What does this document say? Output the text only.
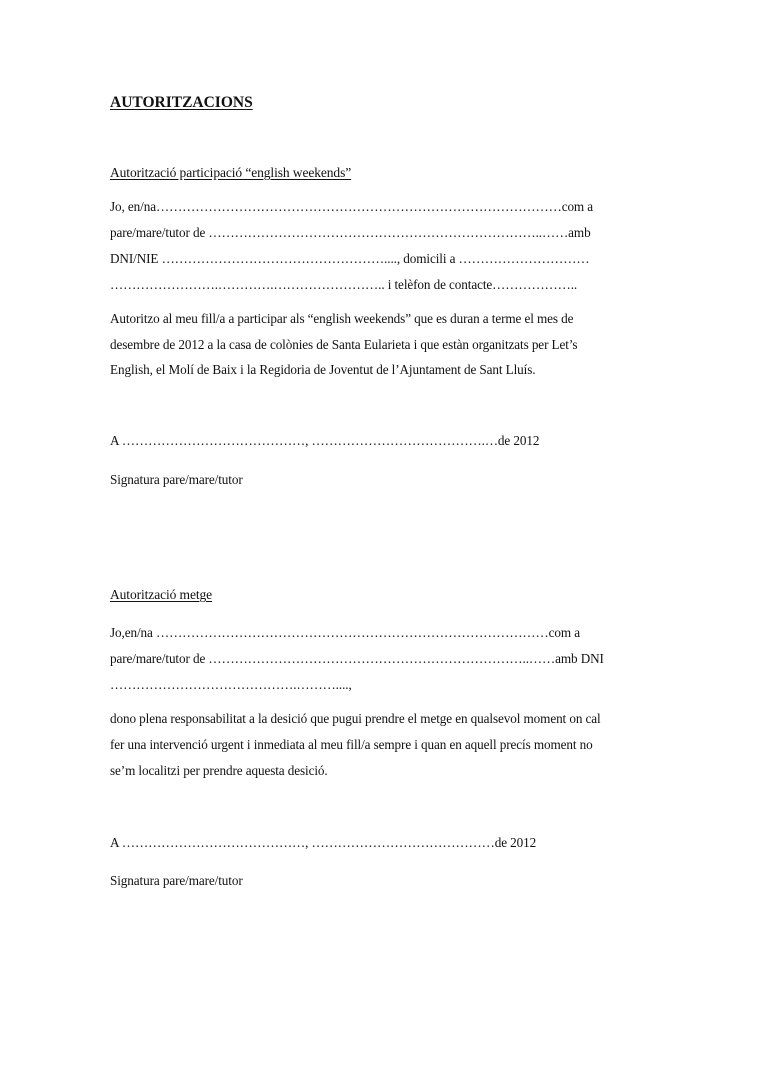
AUTORITZACIONS
Autorització participació “english weekends”
Jo, en/na…………………………………………………………………………………com a
pare/mare/tutor de …………………………………………………………………..……amb
DNI/NIE ……………………………………………...., domicili a …………………………
…………………….………….…………………….. i telèfon de contacte………………..
Autoritzo al meu fill/a a participar als “english weekends” que es duran a terme el mes de
desembre de 2012 a la casa de colònies de Santa Eularieta i que estàn organitzats per Let’s
English, el Molí de Baix i la Regidoria de Joventut de l’Ajuntament de Sant Lluís.
A ……………………………………, ………………………………….…de 2012
Signatura pare/mare/tutor
Autorització metge
Jo,en/na ………………………………………………………………………………com a
pare/mare/tutor de ………………………………………………………………..……amb DNI
…………………………………….………....,
dono plena responsabilitat a la desició que pugui prendre el metge en qualsevol moment on cal
fer una intervenció urgent i inmediata al meu fill/a sempre i quan en aquell precís moment no
se’m localitzi per prendre aquesta desició.
A ……………………………………, ……………………………………de 2012
Signatura pare/mare/tutor
